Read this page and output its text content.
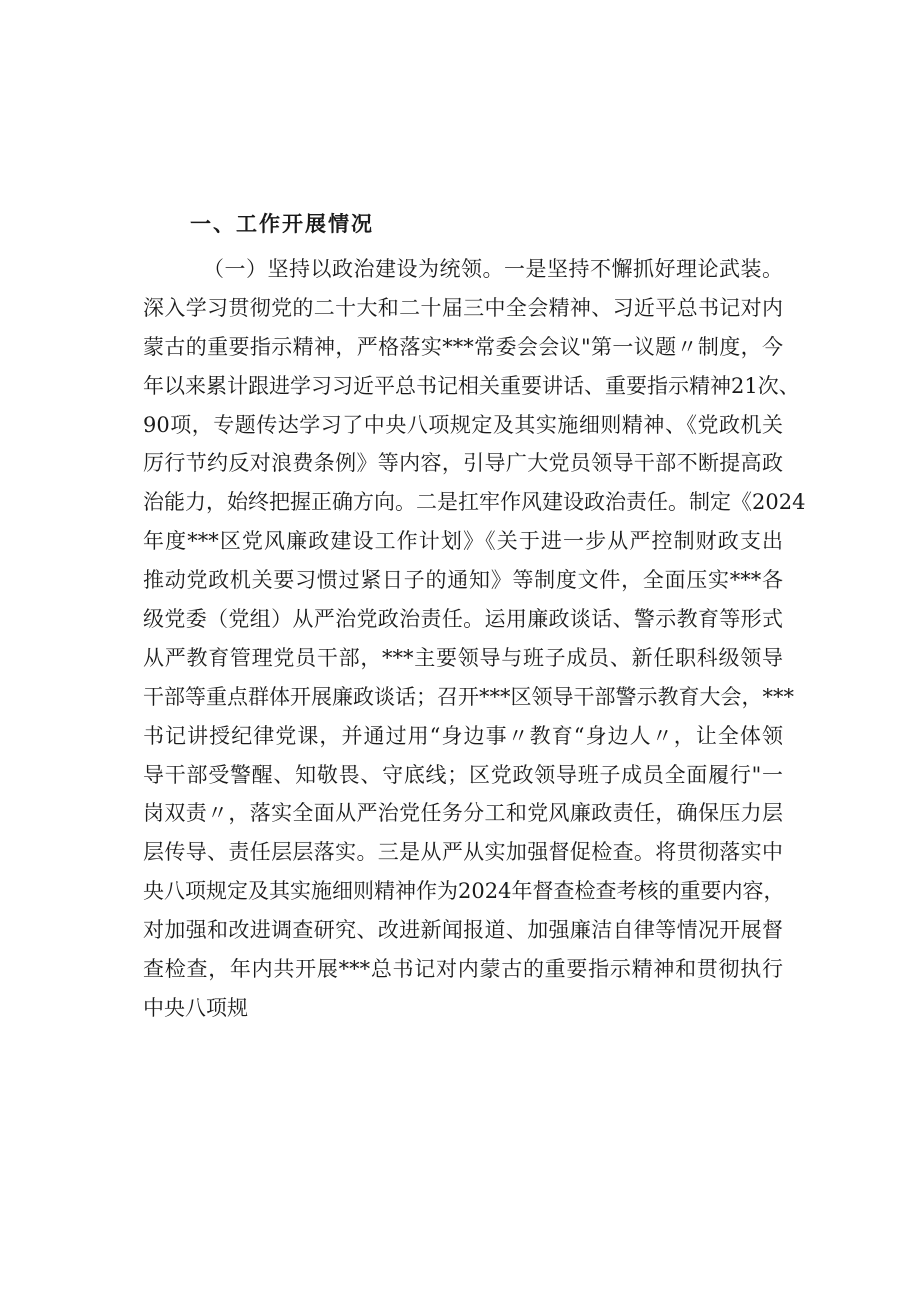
一、工作开展情况
（一）坚持以政治建设为统领。一是坚持不懈抓好理论武装。
深入学习贯彻党的二十大和二十届三中全会精神、习近平总书记对内
蒙古的重要指示精神，严格落实***常委会会议"第一议题〃制度，今
年以来累计跟进学习习近平总书记相关重要讲话、重要指示精神21次、
90项，专题传达学习了中央八项规定及其实施细则精神、《党政机关
厉行节约反对浪费条例》等内容，引导广大党员领导干部不断提高政
治能力，始终把握正确方向。二是扛牢作风建设政治责任。制定《2024
年度***区党风廉政建设工作计划》《关于进一步从严控制财政支出
推动党政机关要习惯过紧日子的通知》等制度文件，全面压实***各
级党委（党组）从严治党政治责任。运用廉政谈话、警示教育等形式
从严教育管理党员干部，***主要领导与班子成员、新任职科级领导
干部等重点群体开展廉政谈话；召开***区领导干部警示教育大会，***
书记讲授纪律党课，并通过用“身边事〃教育“身边人〃，让全体领
导干部受警醒、知敬畏、守底线；区党政领导班子成员全面履行"一
岗双责〃，落实全面从严治党任务分工和党风廉政责任，确保压力层
层传导、责任层层落实。三是从严从实加强督促检查。将贯彻落实中
央八项规定及其实施细则精神作为2024年督查检查考核的重要内容，
对加强和改进调查研究、改进新闻报道、加强廉洁自律等情况开展督
查检查，年内共开展***总书记对内蒙古的重要指示精神和贯彻执行
中央八项规
